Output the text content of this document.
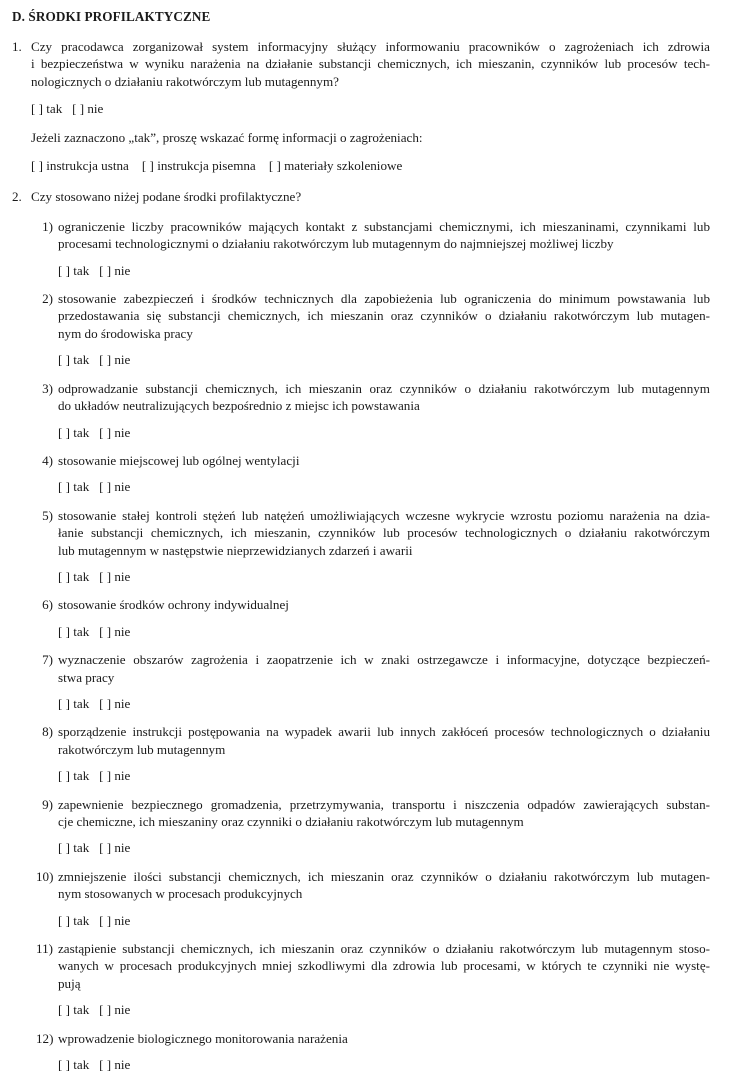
D. ŚRODKI PROFILAKTYCZNE
1. Czy pracodawca zorganizował system informacyjny służący informowaniu pracowników o zagrożeniach ich zdrowia
i bezpieczeństwa w wyniku narażenia na działanie substancji chemicznych, ich mieszanin, czynników lub procesów tech-
nologicznych o działaniu rakotwórczym lub mutagennym?
[ ] tak [ ] nie
Jeżeli zaznaczono „tak”, proszę wskazać formę informacji o zagrożeniach:
[ ] instrukcja ustna [ ] instrukcja pisemna [ ] materiały szkoleniowe
2. Czy stosowano niżej podane środki profilaktyczne?
1) ograniczenie liczby pracowników mających kontakt z substancjami chemicznymi, ich mieszaninami, czynnikami lub
procesami technologicznymi o działaniu rakotwórczym lub mutagennym do najmniejszej możliwej liczby
[ ] tak [ ] nie
2) stosowanie zabezpieczeń i środków technicznych dla zapobieżenia lub ograniczenia do minimum powstawania lub
przedostawania się substancji chemicznych, ich mieszanin oraz czynników o działaniu rakotwórczym lub mutagen-
nym do środowiska pracy
[ ] tak [ ] nie
3) odprowadzanie substancji chemicznych, ich mieszanin oraz czynników o działaniu rakotwórczym lub mutagennym
do układów neutralizujących bezpośrednio z miejsc ich powstawania
[ ] tak [ ] nie
4) stosowanie miejscowej lub ogólnej wentylacji
[ ] tak [ ] nie
5) stosowanie stałej kontroli stężeń lub natężeń umożliwiających wczesne wykrycie wzrostu poziomu narażenia na dzia-
łanie substancji chemicznych, ich mieszanin, czynników lub procesów technologicznych o działaniu rakotwórczym
lub mutagennym w następstwie nieprzewidzianych zdarzeń i awarii
[ ] tak [ ] nie
6) stosowanie środków ochrony indywidualnej
[ ] tak [ ] nie
7) wyznaczenie obszarów zagrożenia i zaopatrzenie ich w znaki ostrzegawcze i informacyjne, dotyczące bezpieczeń-
stwa pracy
[ ] tak [ ] nie
8) sporządzenie instrukcji postępowania na wypadek awarii lub innych zakłóceń procesów technologicznych o działaniu
rakotwórczym lub mutagennym
[ ] tak [ ] nie
9) zapewnienie bezpiecznego gromadzenia, przetrzymywania, transportu i niszczenia odpadów zawierających substan-
cje chemiczne, ich mieszaniny oraz czynniki o działaniu rakotwórczym lub mutagennym
[ ] tak [ ] nie
10) zmniejszenie ilości substancji chemicznych, ich mieszanin oraz czynników o działaniu rakotwórczym lub mutagen-
nym stosowanych w procesach produkcyjnych
[ ] tak [ ] nie
11) zastąpienie substancji chemicznych, ich mieszanin oraz czynników o działaniu rakotwórczym lub mutagennym stoso-
wanych w procesach produkcyjnych mniej szkodliwymi dla zdrowia lub procesami, w których te czynniki nie wystę-
pują
[ ] tak [ ] nie
12) wprowadzenie biologicznego monitorowania narażenia
[ ] tak [ ] nie
